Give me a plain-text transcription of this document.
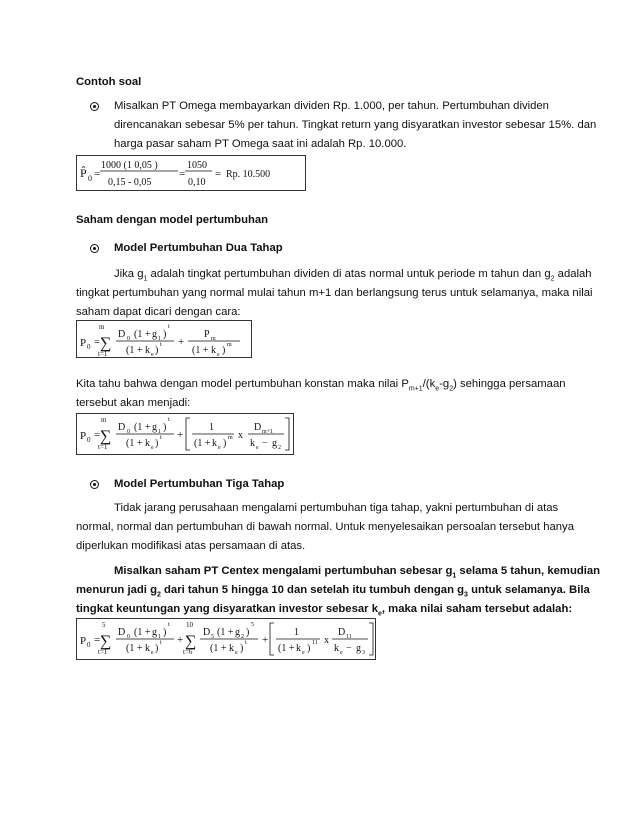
Contoh soal

Misalkan PT Omega membayarkan dividen Rp. 1.000, per tahun. Pertumbuhan dividen

direncanakan sebesar 5% per tahun. Tingkat return yang disyaratkan investor sebesar 15%. dan

harga pasar saham PT Omega saat ini adalah Rp. 10.000.

P̂ 0 =
1000 (1 0,05 )
0,15 - 0,05
=
1050
0,10
= Rp. 10.500

Saham dengan model pertumbuhan

Model Pertumbuhan Dua Tahap

Jika $g_1$ adalah tingkat pertumbuhan dividen di atas normal untuk periode m tahun dan $g_2$ adalah

tingkat pertumbuhan yang normal mulai tahun m+1 dan berlangsung terus untuk selamanya, maka nilai

saham dapat dicari dengan cara:

P 0 =
m
∑
t=1
D 0 (1 + g 1 )
t
(1 + k e ) t +
P m
(1 + k e ) m

Kita tahu bahwa dengan model pertumbuhan konstan maka nilai $P_{m+1}/(k_e-g_2)$ sehingga persamaan

tersebut akan menjadi:

P 0 =
m
∑
t=1
D 0 (1 + g 1 )
t
(1 + k e ) t +
1
(1 + k e ) m x
D m+1
k e − g 2

Model Pertumbuhan Tiga Tahap

Tidak jarang perusahaan mengalami pertumbuhan tiga tahap, yakni pertumbuhan di atas

normal, normal dan pertumbuhan di bawah normal. Untuk menyelesaikan persoalan tersebut hanya

diperlukan modifikasi atas persamaan di atas.

Misalkan saham PT Centex mengalami pertumbuhan sebesar $g_1$ selama 5 tahun, kemudian

menurun jadi $g_2$ dari tahun 5 hingga 10 dan setelah itu tumbuh dengan $g_3$ untuk selamanya. Bila

tingkat keuntungan yang disyaratkan investor sebesar $k_e$, maka nilai saham tersebut adalah:

P 0 =
5
∑
t=1
D 0 (1 + g 1 )
t
(1 + k e ) t +
10
∑
t=6
D 5 (1 + g 2 )
5
(1 + k e ) t +
1
(1 + k e ) 11 x
D 11
k e − g 3
